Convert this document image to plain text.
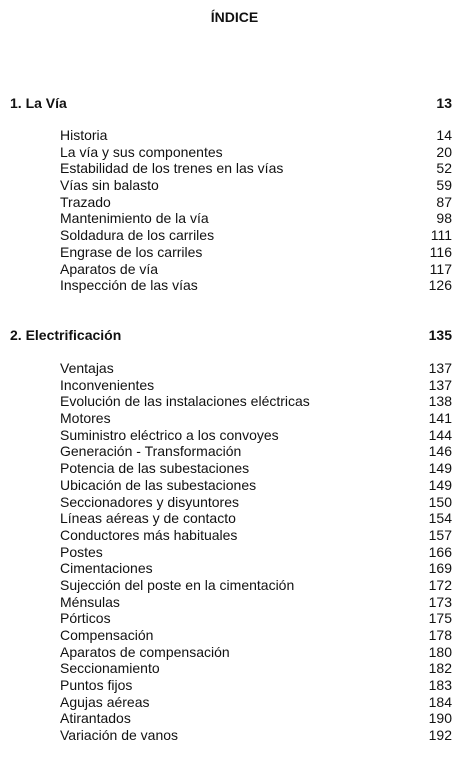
ÍNDICE
1. La Vía	13
Historia	14
La vía y sus componentes	20
Estabilidad de los trenes en las vías	52
Vías sin balasto	59
Trazado	87
Mantenimiento de la vía	98
Soldadura de los carriles	111
Engrase de los carriles	116
Aparatos de vía	117
Inspección de las vías	126
2. Electrificación	135
Ventajas	137
Inconvenientes	137
Evolución de las instalaciones eléctricas	138
Motores	141
Suministro eléctrico a los convoyes	144
Generación - Transformación	146
Potencia de las subestaciones	149
Ubicación de las subestaciones	149
Seccionadores y disyuntores	150
Líneas aéreas y de contacto	154
Conductores más habituales	157
Postes	166
Cimentaciones	169
Sujección del poste en la cimentación	172
Ménsulas	173
Pórticos	175
Compensación	178
Aparatos de compensación	180
Seccionamiento	182
Puntos fijos	183
Agujas aéreas	184
Atirantados	190
Variación de vanos	192
